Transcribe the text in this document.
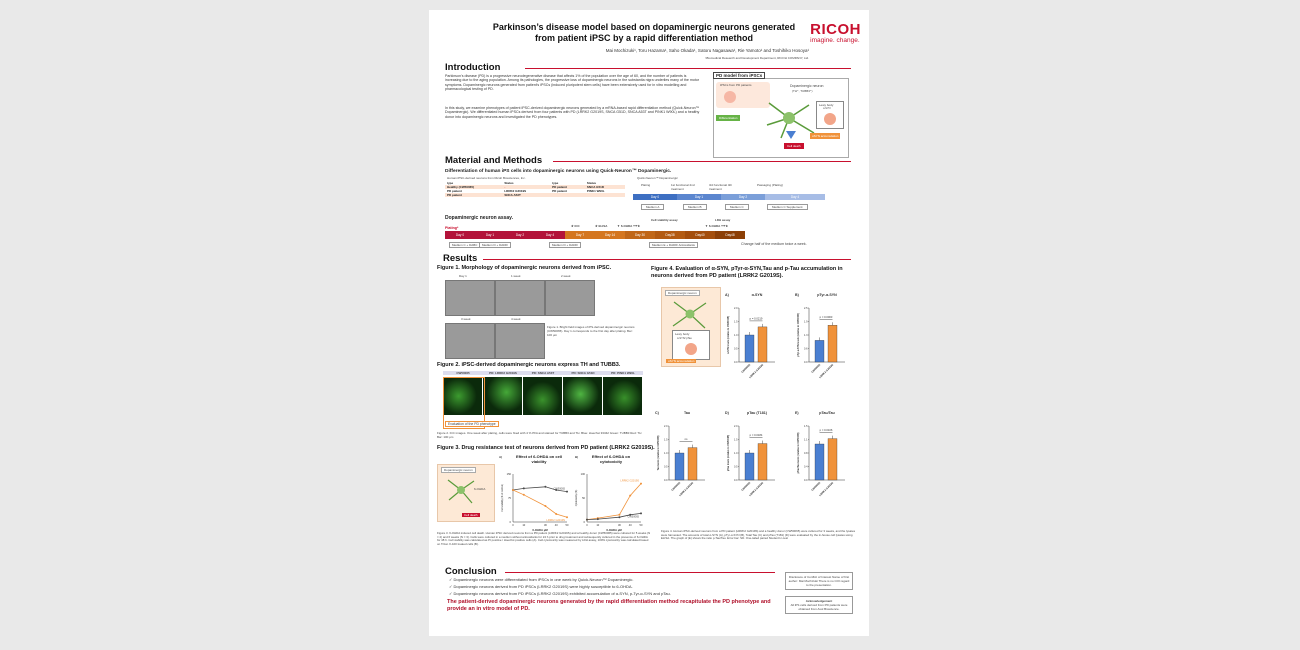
Parkinson’s disease model based on dopaminergic neurons generated
from patient iPSC by a rapid differentiation method	RICOH
imagine. change.
Mai Mochizuki¹, Toru Hazama¹, Saho Okada¹, Satoru Nagasawa¹, Rie Yamoto¹ and Toshihiko Hosoya¹
¹Biomedical Research and Development Department, RICOH COMPANY, Ltd.
Introduction
Parkinson’s disease (PD) is a progressive neurodegenerative disease that affects 1% of the population over the age of 60, and the number of patients is increasing due to the aging population. Among its pathologies, the progressive loss of dopaminergic neurons in the substantia nigra underlies many of the motor symptoms. Dopaminergic neurons generated from patient's iPSCs (induced pluripotent stem cells) have been extensively used for in vitro modelling and pharmacological testing of PD.
In this study, we examine phenotypes of patient iPSC-derived dopaminergic neurons generated by a mRNA-based rapid differentiation method (Quick-Neuron™ Dopaminergic). We differentiated human iPSCs derived from four patients with PD (LRRK2 G2019S, SNCA G51D, SNCA A53T and PINK1 W90L) and a healthy donor into dopaminergic neurons and investigated the PD phenotypes.
PD model from iPSCs
iPSCs from PD patients
Differentiation
Dopaminergic neuron
(TH⁺, TUBB3⁺)
Lewy body
α-SYN
αSYN accumulation
Cell death
Material and Methods
Differentiation of human iPS cells into dopaminergic neurons using Quick-Neuron™ Dopaminergic.
Human iPSC-derived neurons from Ricoh Biosciences, Inc.
type	Status	type	Status
Healthy (CW50065)	-	PD patient	SNCA G51D
PD patient	LRRK2 G2019S	PD patient	PINK1 W90L
PD patient	SNCA A53T		
Quick-Neuron™ Dopaminergic
Plating	1st functional 2nd treatment
3rd functional 4th treatment
Passaging (Plating)
Day 0	Day 1	Day 2	Day 4
Medium A	Medium B	Medium C	Medium C Supplement
Dopaminergic neuron assay.
★ ICC	★ ELISA	▼ 6-OHDA ⟶★
Cell viability assay	LDH assay
▼ 6-OHDA ⟶★
Plating*
Day 0	Day 1	Day 2	Day 4	Day 7	Day 14	Day 30	Day38	Day40	Day48
Medium C + DABC	Medium D + DADIF	Medium D + DADIF	Medium E + DADIF Antioxidants	Change half of the medium twice a week.
Results
Figure 1. Morphology of dopaminergic neurons derived from iPSC.
Day 1	1 week	2 week
3 week	4 week
Figure 1. Bright field images of iPS-derived dopaminergic neurons (CW50065). Day 1 corresponds to the first day after plating. Bar: 100 µm
Figure 2. iPSC-derived dopaminergic neurons express TH and TUBB3.
CW50065	PD: LRRK2 G2019S	PD: SNCA A53T	PD: SNCA G51D	PD: PINK1 W90L
Evaluation of the PD phenotype
Figure 2. ICC images. One week after plating, cells were fixed with 4 % PFA and stained for TUBB3 and TH. Blue: Hoechst 33342 Green: TUBB3 Red: TH Bar: 100 µm
Figure 3. Drug resistance test of neurons derived from PD patient (LRRK2 G2019S).
Dopaminergic neuron
6-OHDA
Cell death
A)	Effect of 6-OHDA on cell viability
B)	Effect of 6-OHDA on cytotoxicity
0
75
150
0	10	30	40	50
6-OHDA µM
Cell viability (% of control)	CW50065
LRRK2 G2019S
0
50
100
0	10	30	40	50
6-OHDA µM
Cytotoxicity (%)
LRRK2 G2019S
CW50065
Figure 3. 6-OHDA induced cell death. Human iPSC derived neurons from a PD patient (LRRK2 G2019S) and a healthy donor (CW50065) were cultured for 5 weeks (N = 2) and 6 weeks (N = 3). Cells were cultured in a medium without antioxidants for 24 h prior to drug treatment and subsequently cultured in the presence of 6-OHDA for 48 h. Cell viability was calculated as PI positive / Hoechst positive cells (A). Cell cytotoxicity was measured by LDH assay, 100% cytotoxicity was calculated based on Triton X-100 treated cells (B).
Figure 4. Evaluation of α-SYN, pTyr-α-SYN,Tau and p-Tau accumulation in neurons derived from PD patient (LRRK2 G2019S).
Dopaminergic neuron
Lewy body
α-SYN/ pTau
αSYN accumulation
A)	α-SYN
0.0
0.5
1.0
1.5
2.0
α-SYN levels (relative to CW50065)
CW50065
LRRK2 G2019S
p = 0.0219
B)	pTyr-α-SYN
0.0
0.6
1.3
1.9
2.5
pTyr-α-SYN levels (relative to CW50065)
CW50065
LRRK2 G2019S
p = 0.0003
C)	Tau
0.0
0.5
1.0
1.5
2.0
Tau levels (relative to CW50065)
CW50065
LRRK2 G2019S
ns
D)	pTau (T181)
0.0
0.5
1.0
1.5
2.0
pTau levels (relative to CW50065)
CW50065
LRRK2 G2019S
p = 0.0184
E)	pTau/Tau
0.0
0.4
0.8
1.1
1.5
pTau/Tau levels (relative to CW50065)
CW50065
LRRK2 G2019S
p = 0.0106
Figure 4. Human iPSC-derived neurons from a PD patient (LRRK2 G2019S) and a healthy donor (CW50065) were cultured for 3 weeks, and the lysates were harvested. The amounts of total α-SYN (A), pTyr-α-SYN (B), Total Tau (C) and pTau (T181) (D) were evaluated by the in-house cell lysates using ELISA. The graph of (E) shows the ratio p-Tau/Tau. Error bar: SD. One-tailed paired Student's t-test
Conclusion
✓ Dopaminergic neurons were differentiated from iPSCs in one week by Quick-Neuron™ Dopaminergic.
✓ Dopaminergic neurons derived from PD iPSCs (LRRK2 G2019S) were highly susceptible to 6-OHDA.
✓ Dopaminergic neurons derived from PD iPSCs (LRRK2 G2019S) exhibited accumulation of α-SYN, p-Tyr-α-SYN and pTau.
The patient-derived dopaminergic neurons generated by the rapid differentiation method recapitulate the PD phenotype and provide an in vitro model of PD.
Disclosure of Conflict of Interest Name of first author: Mai Mochizuki There is no COI regard to the presentation.
Acknowledgement
All iPS cells derived from PD patients were obtained from Axol Bioscience.
